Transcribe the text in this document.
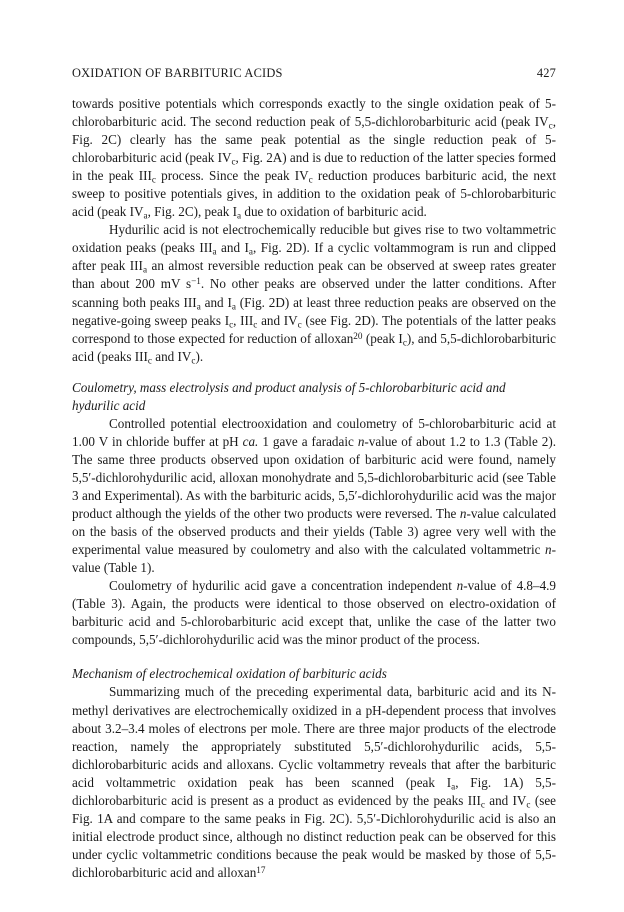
OXIDATION OF BARBITURIC ACIDS	427

towards positive potentials which corresponds exactly to the single oxidation peak of 5-chlorobarbituric acid. The second reduction peak of 5,5-dichlorobarbituric acid (peak $IV_c$, Fig. 2C) clearly has the same peak potential as the single reduction peak of 5-chlorobarbituric acid (peak $IV_c$, Fig. 2A) and is due to reduction of the latter species formed in the peak $III_c$ process. Since the peak $IV_c$ reduction produces barbituric acid, the next sweep to positive potentials gives, in addition to the oxidation peak of 5-chlorobarbituric acid (peak $IV_a$, Fig. 2C), peak $I_a$ due to oxidation of barbituric acid.

Hydurilic acid is not electrochemically reducible but gives rise to two voltammetric oxidation peaks (peaks $III_a$ and $I_a$, Fig. 2D). If a cyclic voltammogram is run and clipped after peak $III_a$ an almost reversible reduction peak can be observed at sweep rates greater than about 200 mV $s^{-1}$. No other peaks are observed under the latter conditions. After scanning both peaks $III_a$ and $I_a$ (Fig. 2D) at least three reduction peaks are observed on the negative-going sweep peaks $I_c$, $III_c$ and $IV_c$ (see Fig. 2D). The potentials of the latter peaks correspond to those expected for reduction of alloxan$^{20}$ (peak $I_c$), and 5,5-dichlorobarbituric acid (peaks $III_c$ and $IV_c$).

Coulometry, mass electrolysis and product analysis of 5-chlorobarbituric acid and hydurilic acid

Controlled potential electrooxidation and coulometry of 5-chlorobarbituric acid at 1.00 V in chloride buffer at pH ca. 1 gave a faradaic n-value of about 1.2 to 1.3 (Table 2). The same three products observed upon oxidation of barbituric acid were found, namely 5,5′-dichlorohydurilic acid, alloxan monohydrate and 5,5-dichlorobarbituric acid (see Table 3 and Experimental). As with the barbituric acids, 5,5′-dichlorohydurilic acid was the major product although the yields of the other two products were reversed. The n-value calculated on the basis of the observed products and their yields (Table 3) agree very well with the experimental value measured by coulometry and also with the calculated voltammetric n-value (Table 1).

Coulometry of hydurilic acid gave a concentration independent n-value of 4.8–4.9 (Table 3). Again, the products were identical to those observed on electro-oxidation of barbituric acid and 5-chlorobarbituric acid except that, unlike the case of the latter two compounds, 5,5′-dichlorohydurilic acid was the minor product of the process.

Mechanism of electrochemical oxidation of barbituric acids

Summarizing much of the preceding experimental data, barbituric acid and its N-methyl derivatives are electrochemically oxidized in a pH-dependent process that involves about 3.2–3.4 moles of electrons per mole. There are three major products of the electrode reaction, namely the appropriately substituted 5,5′-dichlorohydurilic acids, 5,5-dichlorobarbituric acids and alloxans. Cyclic voltammetry reveals that after the barbituric acid voltammetric oxidation peak has been scanned (peak $I_a$, Fig. 1A) 5,5-dichlorobarbituric acid is present as a product as evidenced by the peaks $III_c$ and $IV_c$ (see Fig. 1A and compare to the same peaks in Fig. 2C). 5,5′-Dichlorohydurilic acid is also an initial electrode product since, although no distinct reduction peak can be observed for this under cyclic voltammetric conditions because the peak would be masked by those of 5,5-dichlorobarbituric acid and alloxan$^{17}$
